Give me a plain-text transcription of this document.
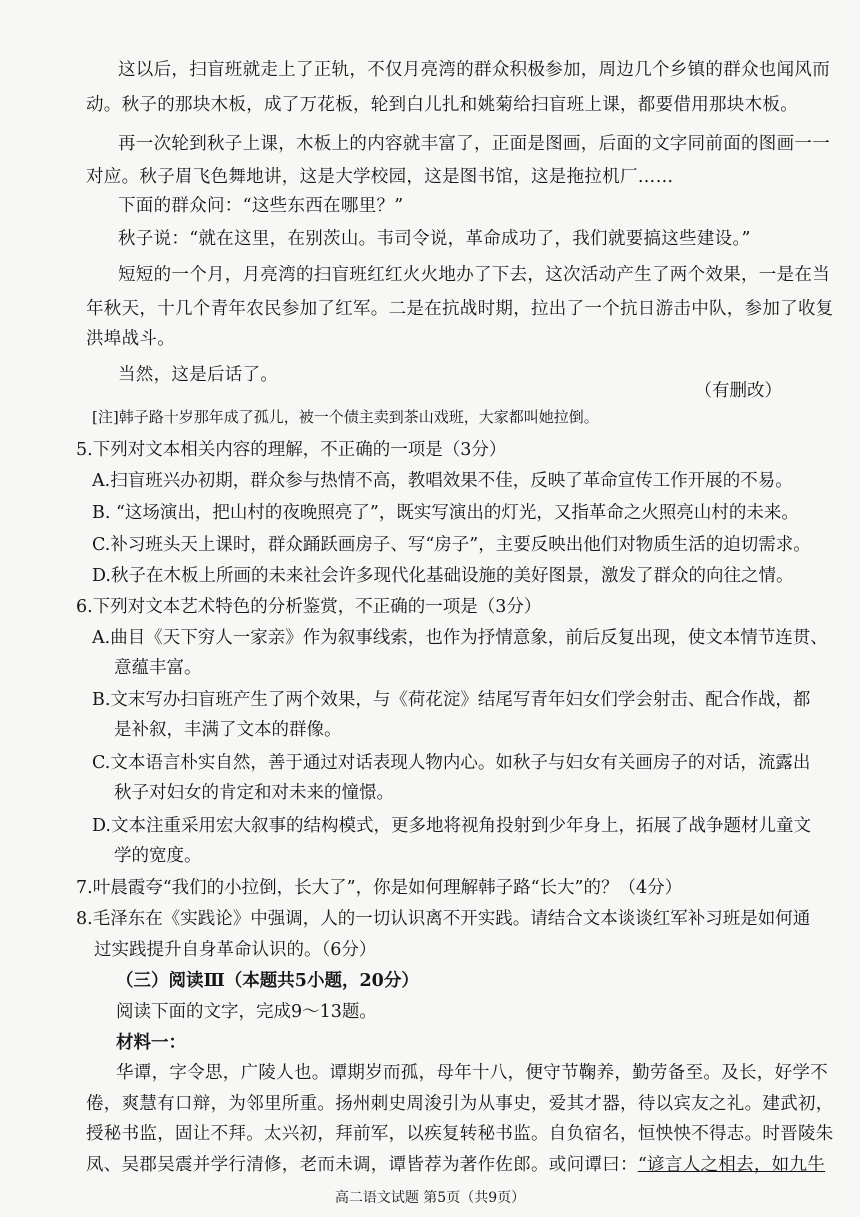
这以后，扫盲班就走上了正轨，不仅月亮湾的群众积极参加，周边几个乡镇的群众也闻风而
动。秋子的那块木板，成了万花板，轮到白儿扎和姚菊给扫盲班上课，都要借用那块木板。
再一次轮到秋子上课，木板上的内容就丰富了，正面是图画，后面的文字同前面的图画一一
对应。秋子眉飞色舞地讲，这是大学校园，这是图书馆，这是拖拉机厂……
下面的群众问：“这些东西在哪里？”
秋子说：“就在这里，在别茨山。韦司令说，革命成功了，我们就要搞这些建设。”
短短的一个月，月亮湾的扫盲班红红火火地办了下去，这次活动产生了两个效果，一是在当
年秋天，十几个青年农民参加了红军。二是在抗战时期，拉出了一个抗日游击中队，参加了收复
洪埠战斗。
当然，这是后话了。
（有删改）
[注]韩子路十岁那年成了孤儿，被一个债主卖到茶山戏班，大家都叫她拉倒。
5.下列对文本相关内容的理解，不正确的一项是（3分）
A.扫盲班兴办初期，群众参与热情不高，教唱效果不佳，反映了革命宣传工作开展的不易。
B. “这场演出，把山村的夜晚照亮了”，既实写演出的灯光，又指革命之火照亮山村的未来。
C.补习班头天上课时，群众踊跃画房子、写“房子”，主要反映出他们对物质生活的迫切需求。
D.秋子在木板上所画的未来社会许多现代化基础设施的美好图景，激发了群众的向往之情。
6.下列对文本艺术特色的分析鉴赏，不正确的一项是（3分）
A.曲目《天下穷人一家亲》作为叙事线索，也作为抒情意象，前后反复出现，使文本情节连贯、
意蕴丰富。
B.文末写办扫盲班产生了两个效果，与《荷花淀》结尾写青年妇女们学会射击、配合作战，都
是补叙，丰满了文本的群像。
C.文本语言朴实自然，善于通过对话表现人物内心。如秋子与妇女有关画房子的对话，流露出
秋子对妇女的肯定和对未来的憧憬。
D.文本注重采用宏大叙事的结构模式，更多地将视角投射到少年身上，拓展了战争题材儿童文
学的宽度。
7.叶晨霞夸“我们的小拉倒，长大了”，你是如何理解韩子路“长大”的？（4分）
8.毛泽东在《实践论》中强调，人的一切认识离不开实践。请结合文本谈谈红军补习班是如何通
过实践提升自身革命认识的。（6分）
（三）阅读Ⅲ（本题共5小题，20分）
阅读下面的文字，完成9～13题。
材料一：
华谭，字令思，广陵人也。谭期岁而孤，母年十八，便守节鞠养，勤劳备至。及长，好学不
倦，爽慧有口辩，为邻里所重。扬州刺史周浚引为从事史，爱其才器，待以宾友之礼。建武初，
授秘书监，固让不拜。太兴初，拜前军，以疾复转秘书监。自负宿名，恒怏怏不得志。时晋陵朱
凤、吴郡吴震并学行清修，老而未调，谭皆荐为著作佐郎。或问谭曰：“谚言人之相去，如九牛
高二语文试题 第5页（共9页）
